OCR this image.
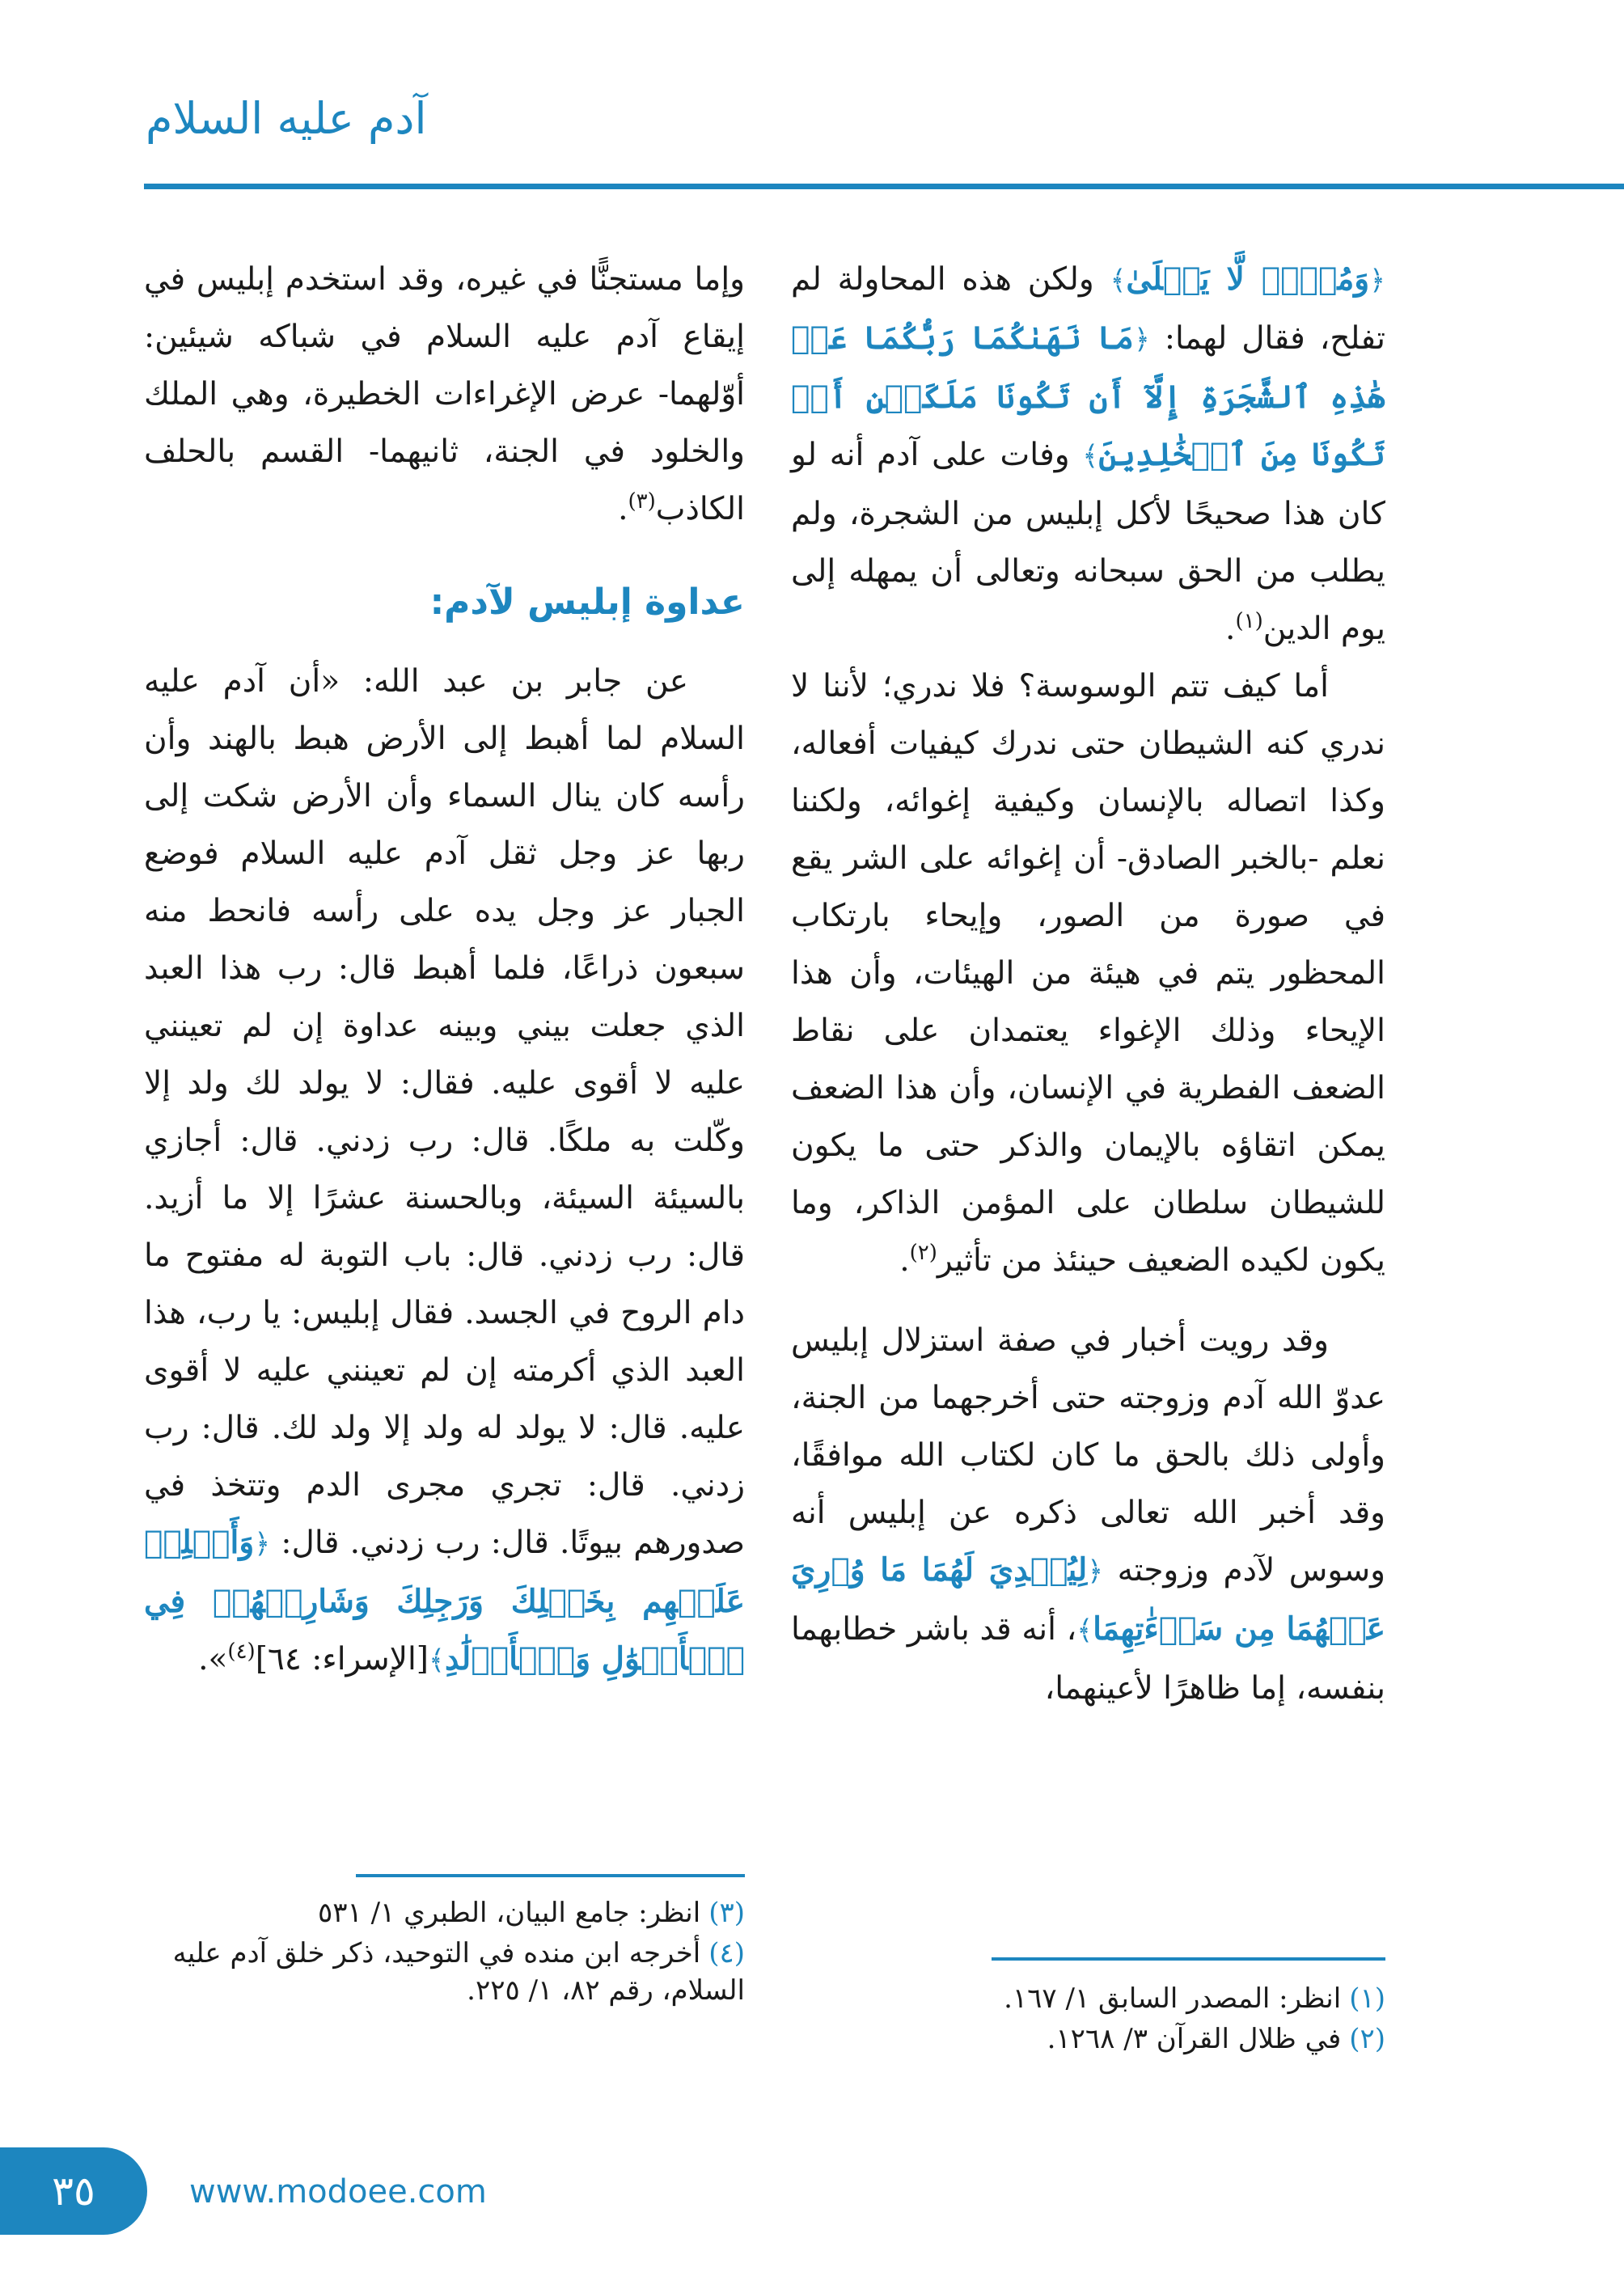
آدم عليه السلام

﴿وَمُلۡكٖ لَّا يَبۡلَىٰ﴾ ولكن هذه المحاولة لم تفلح، فقال لهما: ﴿مَا نَهَىٰكُمَا رَبُّكُمَا عَنۡ هَٰذِهِ ٱلشَّجَرَةِ إِلَّآ أَن تَكُونَا مَلَكَيۡنِ أَوۡ تَكُونَا مِنَ ٱلۡخَٰلِدِينَ﴾ وفات على آدم أنه لو كان هذا صحيحًا لأكل إبليس من الشجرة، ولم يطلب من الحق سبحانه وتعالى أن يمهله إلى يوم الدين$^{(١)}$.

أما كيف تتم الوسوسة؟ فلا ندري؛ لأننا لا ندري كنه الشيطان حتى ندرك كيفيات أفعاله، وكذا اتصاله بالإنسان وكيفية إغوائه، ولكننا نعلم -بالخبر الصادق- أن إغوائه على الشر يقع في صورة من الصور، وإيحاء بارتكاب المحظور يتم في هيئة من الهيئات، وأن هذا الإيحاء وذلك الإغواء يعتمدان على نقاط الضعف الفطرية في الإنسان، وأن هذا الضعف يمكن اتقاؤه بالإيمان والذكر حتى ما يكون للشيطان سلطان على المؤمن الذاكر، وما يكون لكيده الضعيف حينئذ من تأثير$^{(٢)}$.

وقد رويت أخبار في صفة استزلال إبليس عدوّ الله آدم وزوجته حتى أخرجهما من الجنة، وأولى ذلك بالحق ما كان لكتاب الله موافقًا، وقد أخبر الله تعالى ذكره عن إبليس أنه وسوس لآدم وزوجته ﴿لِيُبۡدِيَ لَهُمَا مَا وُۥرِيَ عَنۡهُمَا مِن سَوۡءَٰتِهِمَا﴾، أنه قد باشر خطابهما بنفسه، إما ظاهرًا لأعينهما،

(١)انظر: المصدر السابق ١/ ١٦٧.

(٢)في ظلال القرآن ٣/ ١٢٦٨.

وإما مستجنًّا في غيره، وقد استخدم إبليس في إيقاع آدم عليه السلام في شباكه شيئين: أوّلهما- عرض الإغراءات الخطيرة، وهي الملك والخلود في الجنة، ثانيهما- القسم بالحلف الكاذب$^{(٣)}$.

عداوة إبليس لآدم:

عن جابر بن عبد الله: «أن آدم عليه السلام لما أهبط إلى الأرض هبط بالهند وأن رأسه كان ينال السماء وأن الأرض شكت إلى ربها عز وجل ثقل آدم عليه السلام فوضع الجبار عز وجل يده على رأسه فانحط منه سبعون ذراعًا، فلما أهبط قال: رب هذا العبد الذي جعلت بيني وبينه عداوة إن لم تعينني عليه لا أقوى عليه. فقال: لا يولد لك ولد إلا وكّلت به ملكًا. قال: رب زدني. قال: أجازي بالسيئة السيئة، وبالحسنة عشرًا إلا ما أزيد. قال: رب زدني. قال: باب التوبة له مفتوح ما دام الروح في الجسد. فقال إبليس: يا رب، هذا العبد الذي أكرمته إن لم تعينني عليه لا أقوى عليه. قال: لا يولد له ولد إلا ولد لك. قال: رب زدني. قال: تجري مجرى الدم وتتخذ في صدورهم بيوتًا. قال: رب زدني. قال: ﴿وَأَجۡلِبۡ عَلَيۡهِم بِخَيۡلِكَ وَرَجِلِكَ وَشَارِكۡهُمۡ فِي ٱلۡأَمۡوَٰلِ وَٱلۡأَوۡلَٰدِ﴾[الإسراء: ٦٤]$^{(٤)}$».

(٣)انظر: جامع البيان، الطبري ١/ ٥٣١

(٤)أخرجه ابن منده في التوحيد، ذكر خلق آدم عليه السلام، رقم ٨٢، ١/ ٢٢٥.

٣٥	www.modoee.com
